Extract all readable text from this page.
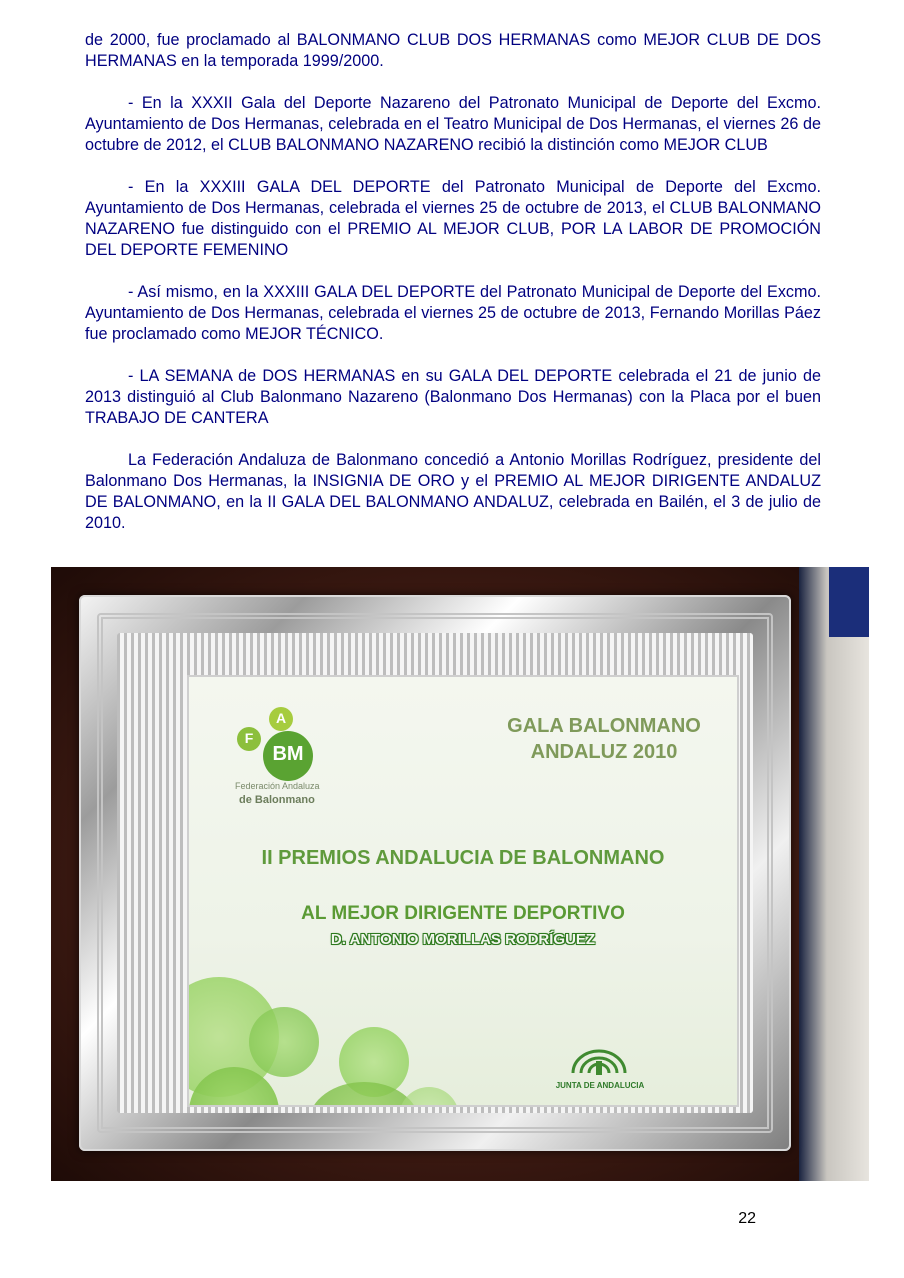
de 2000, fue proclamado al BALONMANO CLUB DOS HERMANAS como MEJOR CLUB DE DOS HERMANAS en la temporada 1999/2000.

- En la XXXII Gala del Deporte Nazareno del Patronato Municipal de Deporte del Excmo. Ayuntamiento de Dos Hermanas, celebrada en el Teatro Municipal de Dos Hermanas, el viernes 26 de octubre de 2012, el CLUB BALONMANO NAZARENO recibió la distinción como MEJOR CLUB

- En la XXXIII GALA DEL DEPORTE del Patronato Municipal de Deporte del Excmo. Ayuntamiento de Dos Hermanas, celebrada el viernes 25 de octubre de 2013, el CLUB BALONMANO NAZARENO fue distinguido con el PREMIO AL MEJOR CLUB, POR LA LABOR DE PROMOCIÓN DEL DEPORTE FEMENINO

- Así mismo, en la XXXIII GALA DEL DEPORTE del Patronato Municipal de Deporte del Excmo. Ayuntamiento de Dos Hermanas, celebrada el viernes 25 de octubre de 2013, Fernando Morillas Páez fue proclamado como MEJOR TÉCNICO.

- LA SEMANA de DOS HERMANAS en su GALA DEL DEPORTE celebrada el 21 de junio de 2013 distinguió al Club Balonmano Nazareno (Balonmano Dos Hermanas) con la Placa por el buen TRABAJO DE CANTERA

La Federación Andaluza de Balonmano concedió a Antonio Morillas Rodríguez, presidente del Balonmano Dos Hermanas, la INSIGNIA DE ORO y el PREMIO AL MEJOR DIRIGENTE ANDALUZ DE BALONMANO, en la II GALA DEL BALONMANO ANDALUZ, celebrada en Bailén, el 3 de julio de 2010.

F
A
BM
Federación Andaluza
de Balonmano
GALA BALONMANO
ANDALUZ 2010
II PREMIOS ANDALUCIA DE BALONMANO
AL MEJOR DIRIGENTE DEPORTIVO
D. ANTONIO MORILLAS RODRÍGUEZ
JUNTA DE ANDALUCIA
22
